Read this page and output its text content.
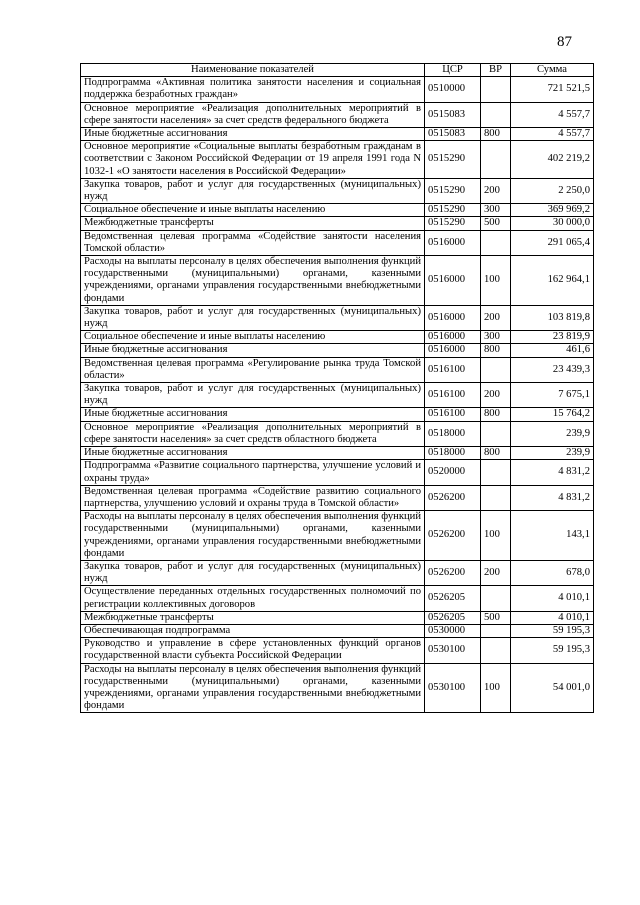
87
Наименование показателей	ЦСР	ВР	Сумма
Подпрограмма «Активная политика занятости населения и социальная поддержка безработных граждан»	0510000		721 521,5
Основное мероприятие «Реализация дополнительных мероприятий в сфере занятости населения» за счет средств федерального бюджета	0515083		4 557,7
Иные бюджетные ассигнования	0515083	800	4 557,7
Основное мероприятие «Социальные выплаты безработным гражданам в соответствии с Законом Российской Федерации от 19 апреля 1991 года N 1032-1 «О занятости населения в Российской Федерации»	0515290		402 219,2
Закупка товаров, работ и услуг для государственных (муниципальных) нужд	0515290	200	2 250,0
Социальное обеспечение и иные выплаты населению	0515290	300	369 969,2
Межбюджетные трансферты	0515290	500	30 000,0
Ведомственная целевая программа «Содействие занятости населения Томской области»	0516000		291 065,4
Расходы на выплаты персоналу в целях обеспечения выполнения функций государственными (муниципальными) органами, казенными учреждениями, органами управления государственными внебюджетными фондами	0516000	100	162 964,1
Закупка товаров, работ и услуг для государственных (муниципальных) нужд	0516000	200	103 819,8
Социальное обеспечение и иные выплаты населению	0516000	300	23 819,9
Иные бюджетные ассигнования	0516000	800	461,6
Ведомственная целевая программа «Регулирование рынка труда Томской области»	0516100		23 439,3
Закупка товаров, работ и услуг для государственных (муниципальных) нужд	0516100	200	7 675,1
Иные бюджетные ассигнования	0516100	800	15 764,2
Основное мероприятие «Реализация дополнительных мероприятий в сфере занятости населения» за счет средств областного бюджета	0518000		239,9
Иные бюджетные ассигнования	0518000	800	239,9
Подпрограмма «Развитие социального партнерства, улучшение условий и охраны труда»	0520000		4 831,2
Ведомственная целевая программа «Содействие развитию социального партнерства, улучшению условий и охраны труда в Томской области»	0526200		4 831,2
Расходы на выплаты персоналу в целях обеспечения выполнения функций государственными (муниципальными) органами, казенными учреждениями, органами управления государственными внебюджетными фондами	0526200	100	143,1
Закупка товаров, работ и услуг для государственных (муниципальных) нужд	0526200	200	678,0
Осуществление переданных отдельных государственных полномочий по регистрации коллективных договоров	0526205		4 010,1
Межбюджетные трансферты	0526205	500	4 010,1
Обеспечивающая подпрограмма	0530000		59 195,3
Руководство и управление в сфере установленных функций органов государственной власти субъекта Российской Федерации	0530100		59 195,3
Расходы на выплаты персоналу в целях обеспечения выполнения функций государственными (муниципальными) органами, казенными учреждениями, органами управления государственными внебюджетными фондами	0530100	100	54 001,0
